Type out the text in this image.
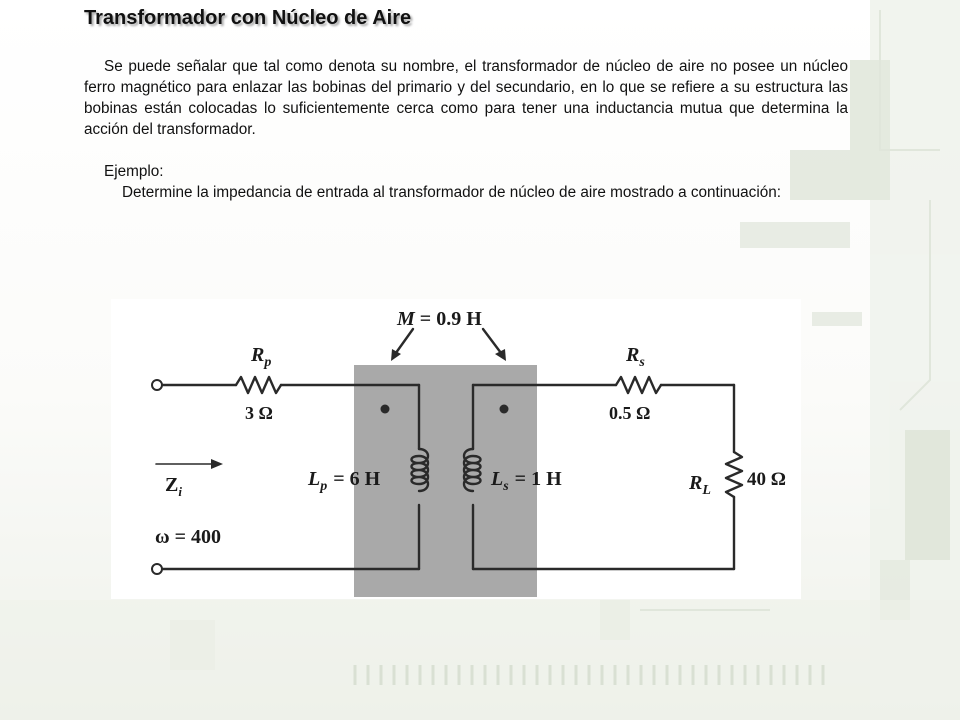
Transformador con Núcleo de Aire

Se puede señalar que tal como denota su nombre, el transformador de núcleo de aire no posee un núcleo ferro magnético para enlazar las bobinas del primario y del secundario, en lo que se refiere a su estructura las bobinas están colocadas lo suficientemente cerca como para tener una inductancia mutua que determina la acción del transformador.

Ejemplo:

Determine la impedancia de entrada al transformador de núcleo de aire mostrado a continuación:

M = 0.9 H
$R_p$
3 Ω
$R_s$
0.5 Ω
$L_p = 6$ H	$L_s = 1$ H	$R_L$
40 Ω
$Z_i$
ω = 400
